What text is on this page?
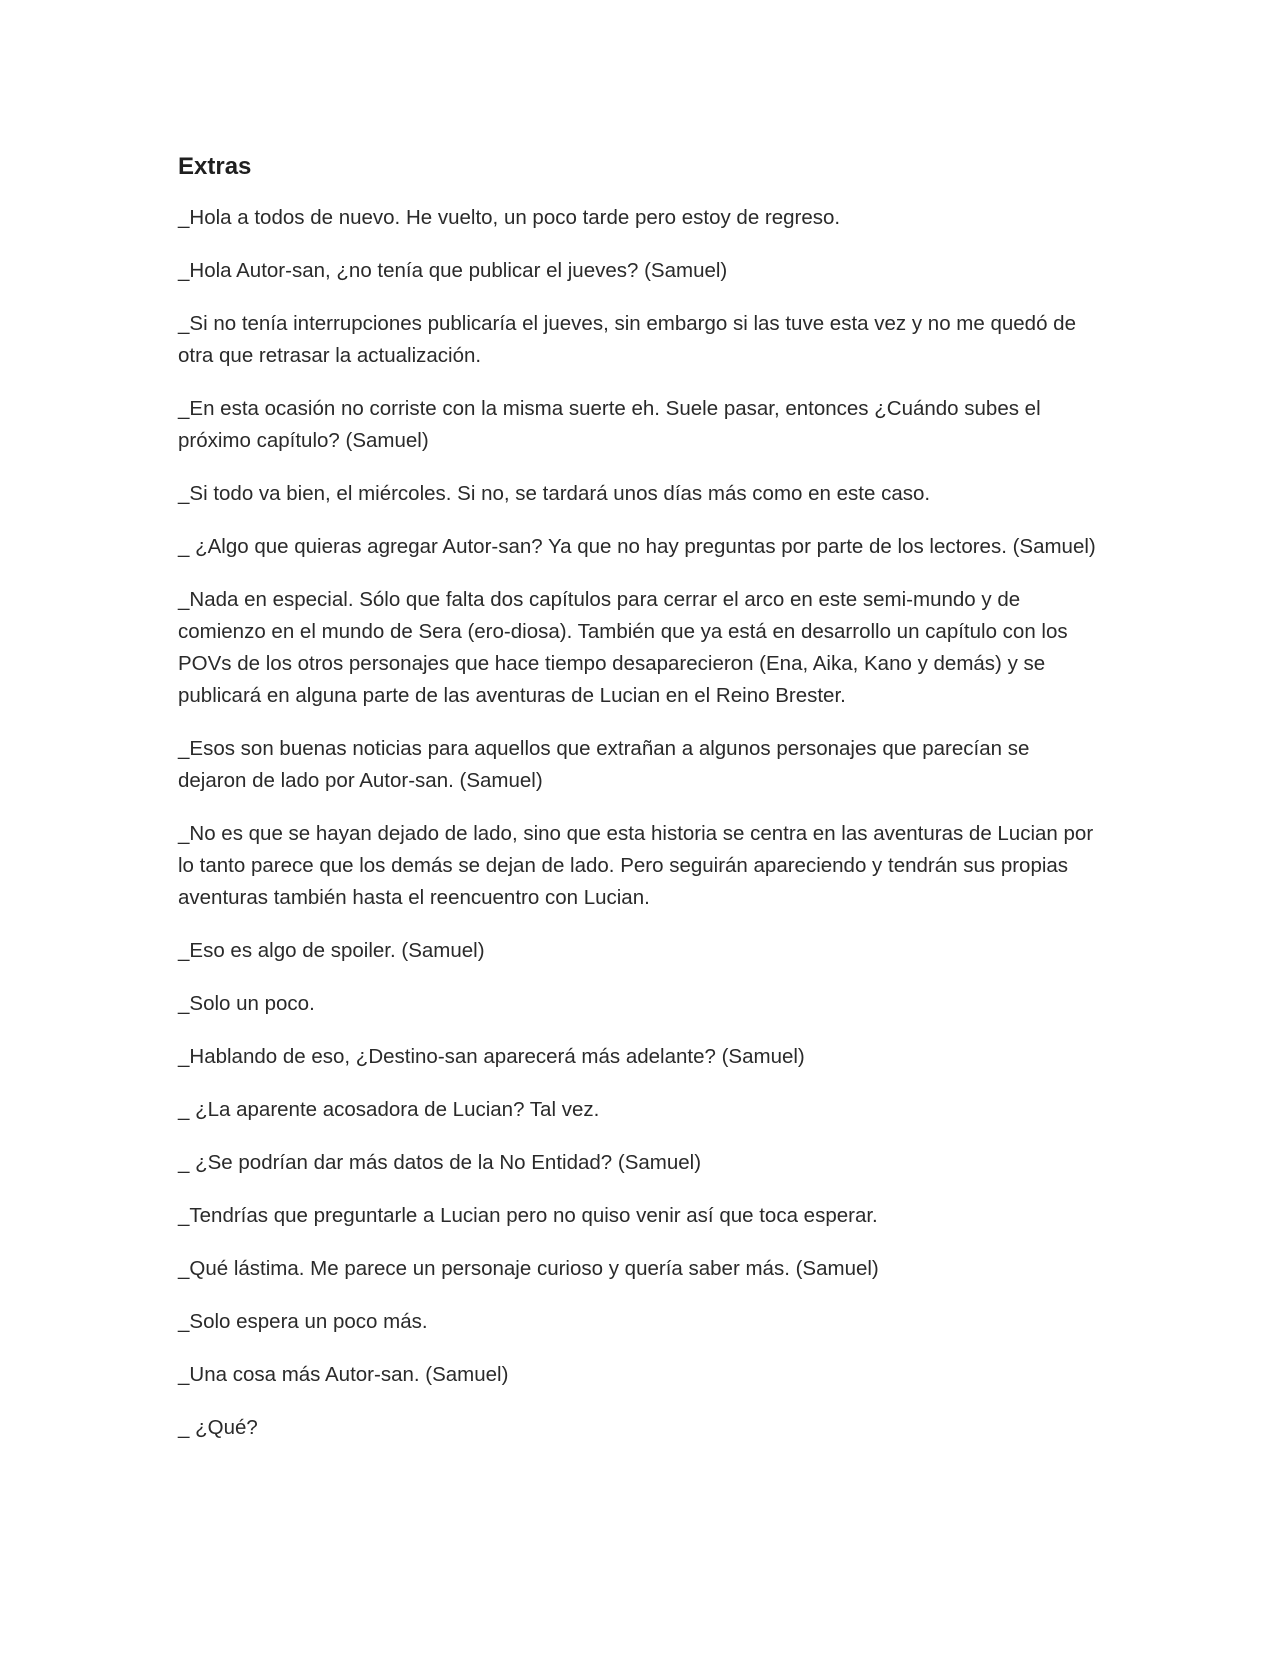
Extras

_Hola a todos de nuevo. He vuelto, un poco tarde pero estoy de regreso.

_Hola Autor-san, ¿no tenía que publicar el jueves? (Samuel)

_Si no tenía interrupciones publicaría el jueves, sin embargo si las tuve esta vez y no me quedó de otra que retrasar la actualización.

_En esta ocasión no corriste con la misma suerte eh. Suele pasar, entonces ¿Cuándo subes el próximo capítulo? (Samuel)

_Si todo va bien, el miércoles. Si no, se tardará unos días más como en este caso.

_ ¿Algo que quieras agregar Autor-san? Ya que no hay preguntas por parte de los lectores. (Samuel)

_Nada en especial. Sólo que falta dos capítulos para cerrar el arco en este semi-mundo y de comienzo en el mundo de Sera (ero-diosa). También que ya está en desarrollo un capítulo con los POVs de los otros personajes que hace tiempo desaparecieron (Ena, Aika, Kano y demás) y se publicará en alguna parte de las aventuras de Lucian en el Reino Brester.

_Esos son buenas noticias para aquellos que extrañan a algunos personajes que parecían se dejaron de lado por Autor-san. (Samuel)

_No es que se hayan dejado de lado, sino que esta historia se centra en las aventuras de Lucian por lo tanto parece que los demás se dejan de lado. Pero seguirán apareciendo y tendrán sus propias aventuras también hasta el reencuentro con Lucian.

_Eso es algo de spoiler. (Samuel)

_Solo un poco.

_Hablando de eso, ¿Destino-san aparecerá más adelante? (Samuel)

_ ¿La aparente acosadora de Lucian? Tal vez.

_ ¿Se podrían dar más datos de la No Entidad? (Samuel)

_Tendrías que preguntarle a Lucian pero no quiso venir así que toca esperar.

_Qué lástima. Me parece un personaje curioso y quería saber más. (Samuel)

_Solo espera un poco más.

_Una cosa más Autor-san. (Samuel)

_ ¿Qué?
